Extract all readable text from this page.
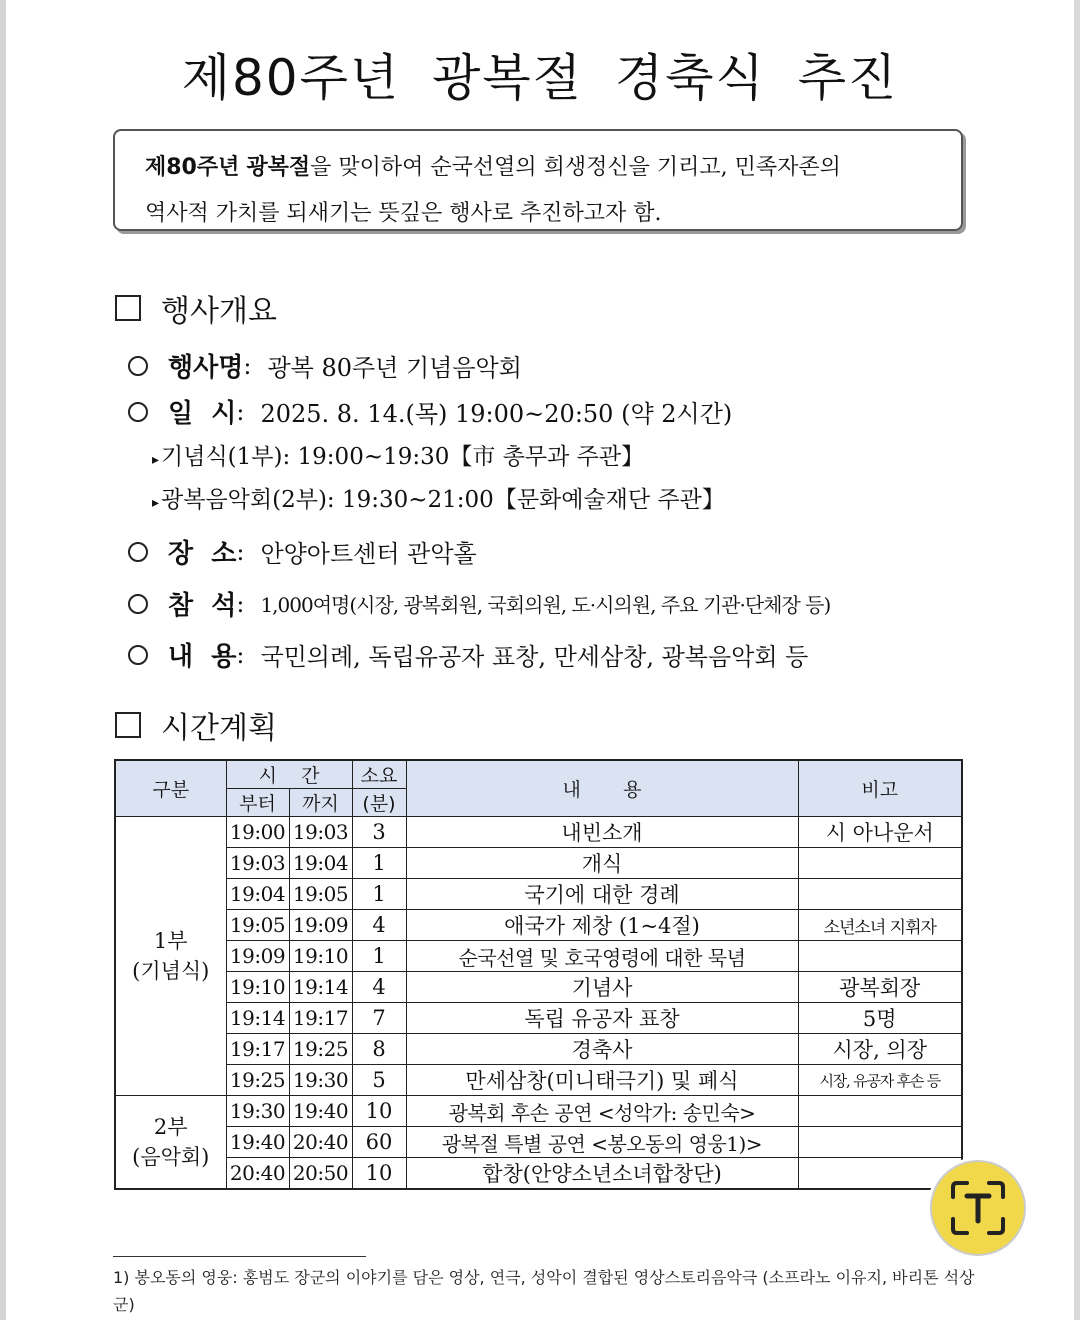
제80주년 광복절 경축식 추진
제80주년 광복절을 맞이하여 순국선열의 희생정신을 기리고, 민족자존의
역사적 가치를 되새기는 뜻깊은 행사로 추진하고자 함.
행사개요
행사명 : 광복 80주년 기념음악회
일  시 : 2025. 8. 14.(목) 19:00~20:50 (약 2시간)
▸기념식(1부): 19:00~19:30【市 총무과 주관】
▸광복음악회(2부): 19:30~21:00【문화예술재단 주관】
장  소 : 안양아트센터 관악홀
참  석 : 1,000여명(시장, 광복회원, 국회의원, 도·시의원, 주요 기관·단체장 등)
내  용 : 국민의례, 독립유공자 표창, 만세삼창, 광복음악회 등
시간계획
구분	시    간		소요	내       용	비고
	부터	까지	(분)		

1부
(기념식)	19:00	19:03	3	내빈소개	시 아나운서
	19:03	19:04	1	개식	
	19:04	19:05	1	국기에 대한 경례	
	19:05	19:09	4	애국가 제창 (1~4절)	소년소녀 지휘자
	19:09	19:10	1	순국선열 및 호국영령에 대한 묵념	
	19:10	19:14	4	기념사	광복회장
	19:14	19:17	7	독립 유공자 표창	5명
	19:17	19:25	8	경축사	시장, 의장
	19:25	19:30	5	만세삼창(미니태극기) 및 폐식	시장, 유공자 후손 등

2부
(음악회)	19:30	19:40	10	광복회 후손 공연 <성악가: 송민숙>	
	19:40	20:40	60	광복절 특별 공연 <봉오동의 영웅1)>	
	20:40	20:50	10	합창(안양소년소녀합창단)	
1) 봉오동의 영웅: 홍범도 장군의 이야기를 담은 영상, 연극, 성악이 결합된 영상스토리음악극 (소프라노 이유지, 바리톤 석상군)
